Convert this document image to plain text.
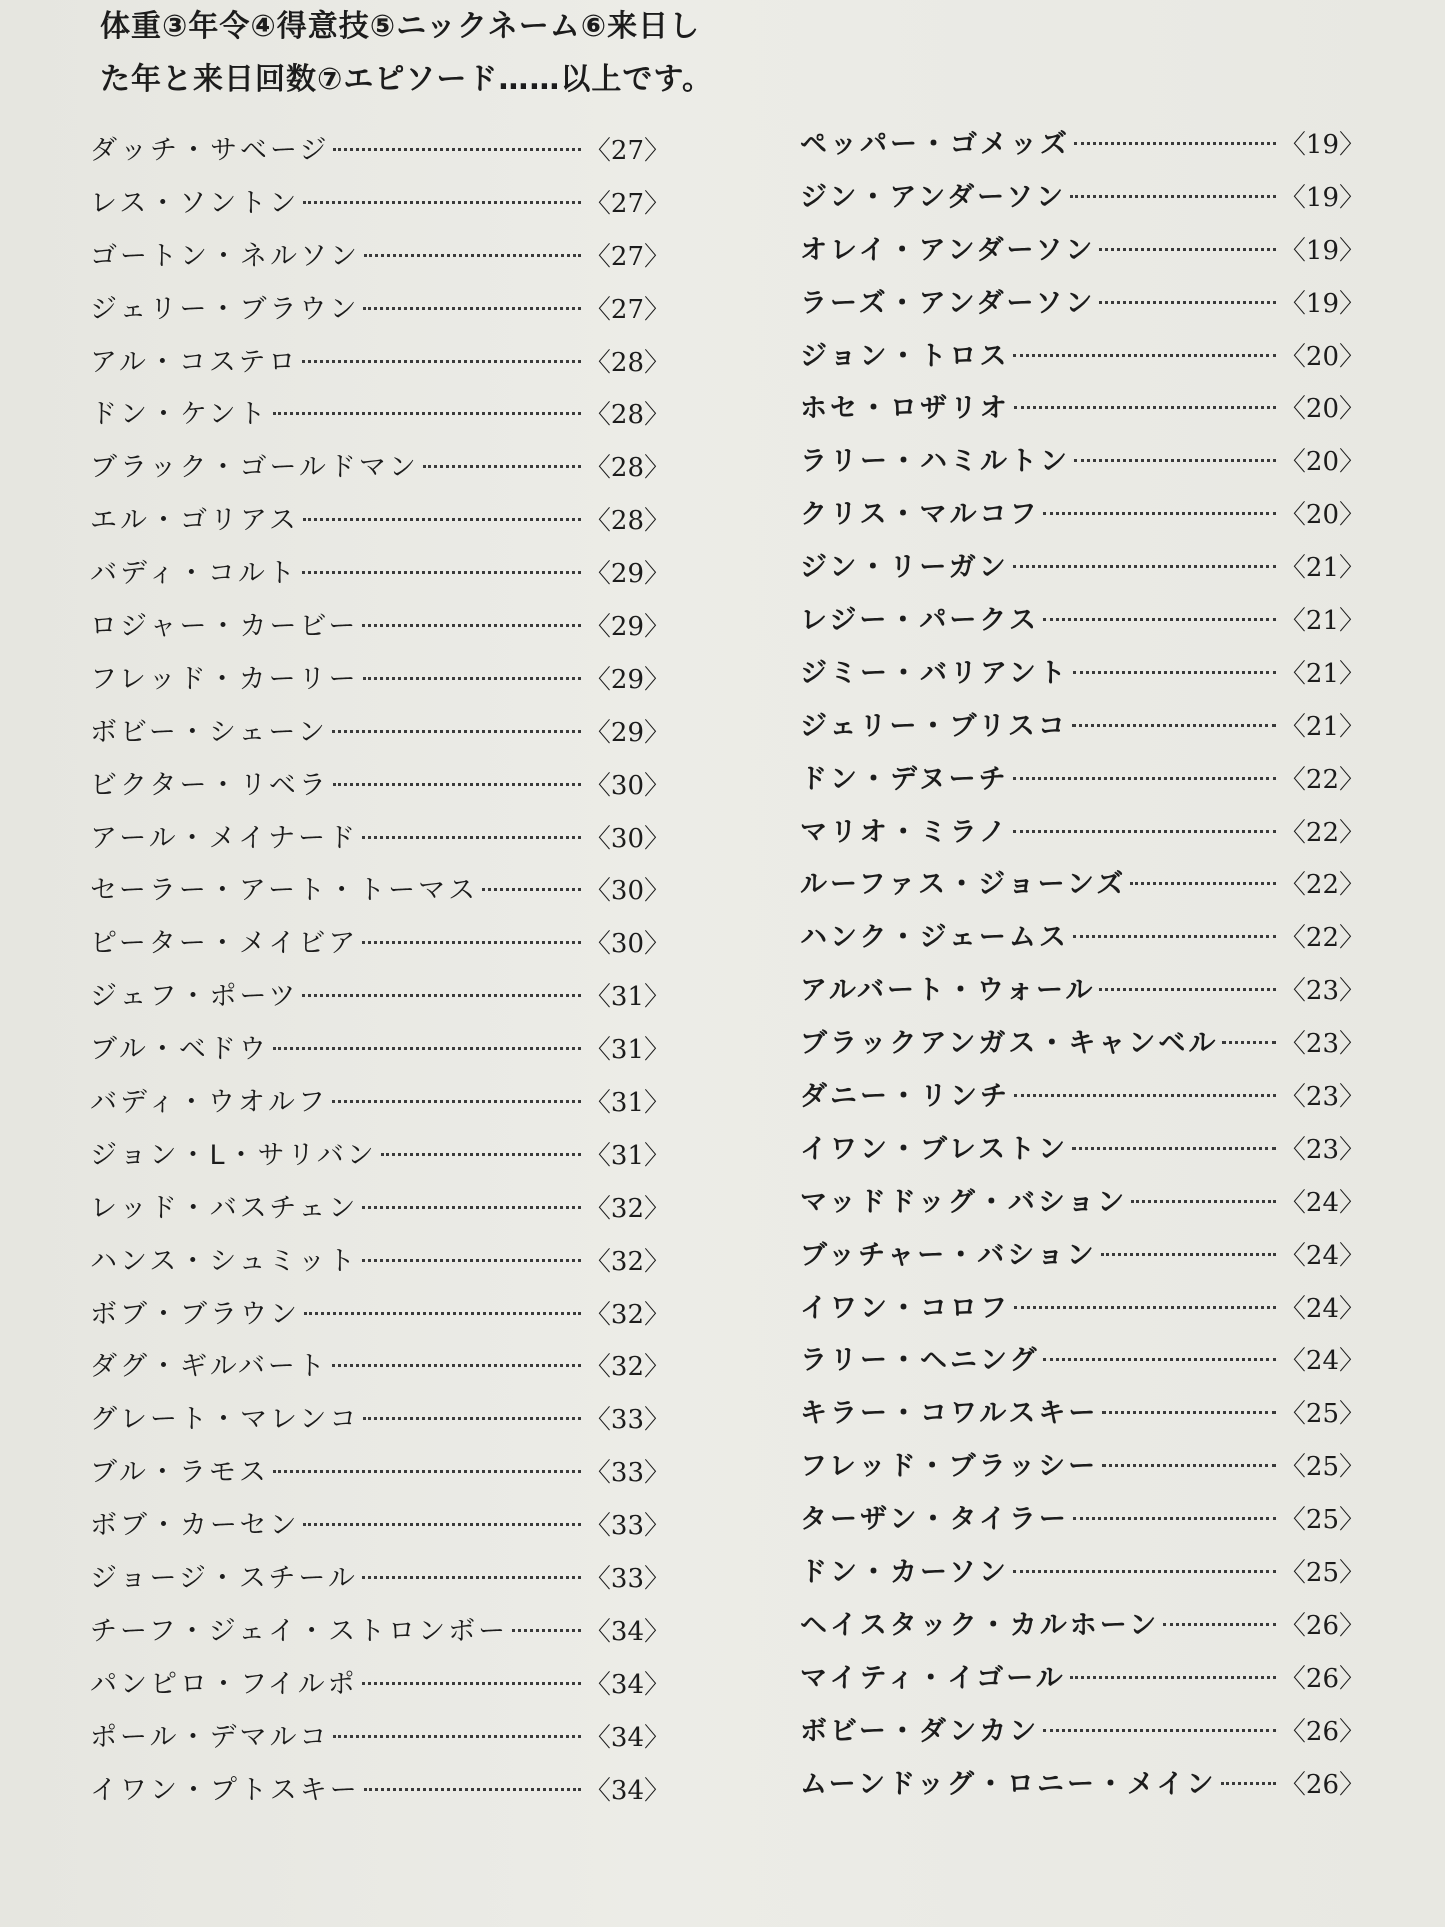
体重③年令④得意技⑤ニックネーム⑥来日し
た年と来日回数⑦エピソード……以上です。
ダッチ・サベージ	〈27〉
レス・ソントン	〈27〉
ゴートン・ネルソン	〈27〉
ジェリー・ブラウン	〈27〉
アル・コステロ	〈28〉
ドン・ケント	〈28〉
ブラック・ゴールドマン	〈28〉
エル・ゴリアス	〈28〉
バディ・コルト	〈29〉
ロジャー・カービー	〈29〉
フレッド・カーリー	〈29〉
ボビー・シェーン	〈29〉
ビクター・リベラ	〈30〉
アール・メイナード	〈30〉
セーラー・アート・トーマス	〈30〉
ピーター・メイビア	〈30〉
ジェフ・ポーツ	〈31〉
ブル・ベドウ	〈31〉
バディ・ウオルフ	〈31〉
ジョン・L・サリバン	〈31〉
レッド・バスチェン	〈32〉
ハンス・シュミット	〈32〉
ボブ・ブラウン	〈32〉
ダグ・ギルバート	〈32〉
グレート・マレンコ	〈33〉
ブル・ラモス	〈33〉
ボブ・カーセン	〈33〉
ジョージ・スチール	〈33〉
チーフ・ジェイ・ストロンボー	〈34〉
パンピロ・フイルポ	〈34〉
ポール・デマルコ	〈34〉
イワン・プトスキー	〈34〉
ペッパー・ゴメッズ	〈19〉
ジン・アンダーソン	〈19〉
オレイ・アンダーソン	〈19〉
ラーズ・アンダーソン	〈19〉
ジョン・トロス	〈20〉
ホセ・ロザリオ	〈20〉
ラリー・ハミルトン	〈20〉
クリス・マルコフ	〈20〉
ジン・リーガン	〈21〉
レジー・パークス	〈21〉
ジミー・バリアント	〈21〉
ジェリー・ブリスコ	〈21〉
ドン・デヌーチ	〈22〉
マリオ・ミラノ	〈22〉
ルーファス・ジョーンズ	〈22〉
ハンク・ジェームス	〈22〉
アルバート・ウォール	〈23〉
ブラックアンガス・キャンベル 〈23〉
ダニー・リンチ	〈23〉
イワン・ブレストン	〈23〉
マッドドッグ・バション	〈24〉
ブッチャー・バション	〈24〉
イワン・コロフ	〈24〉
ラリー・ヘニング	〈24〉
キラー・コワルスキー	〈25〉
フレッド・ブラッシー	〈25〉
ターザン・タイラー	〈25〉
ドン・カーソン	〈25〉
ヘイスタック・カルホーン	〈26〉
マイティ・イゴール	〈26〉
ボビー・ダンカン	〈26〉
ムーンドッグ・ロニー・メイン 〈26〉
